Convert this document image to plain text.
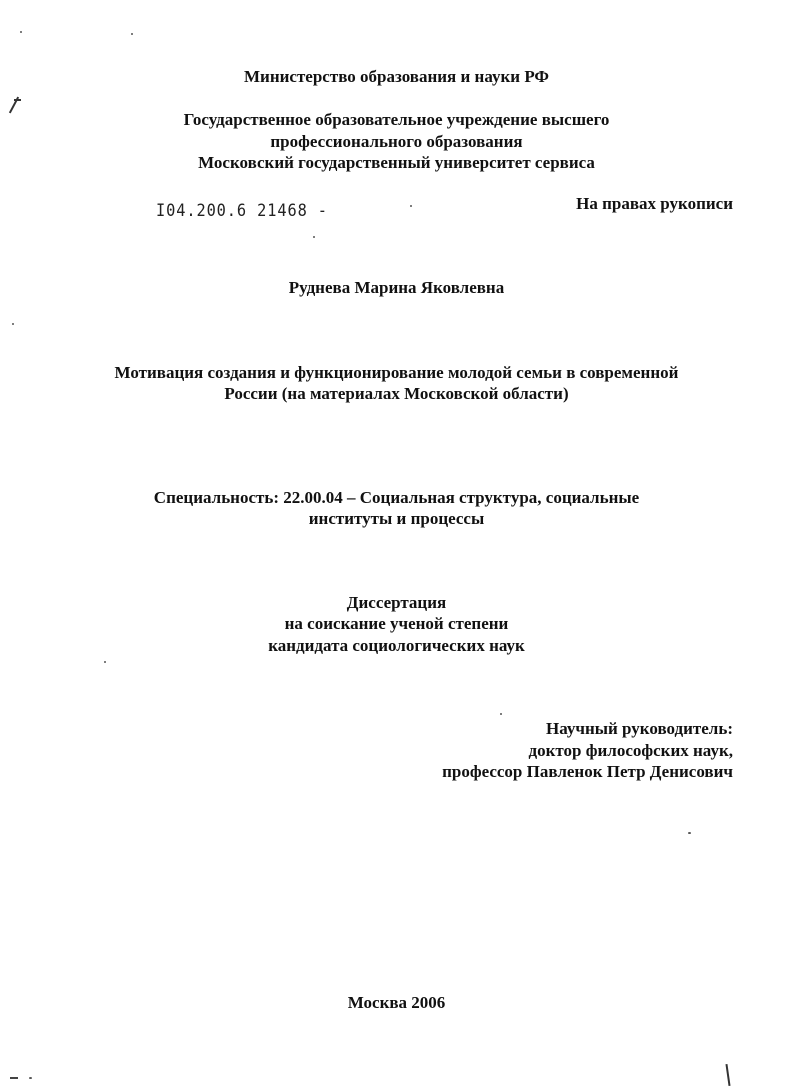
Министерство образования и науки РФ
Государственное образовательное учреждение высшего
профессионального образования
Московский государственный университет сервиса
I04.200.6 21468 -	На правах рукописи
Руднева Марина Яковлевна
Мотивация создания и функционирование молодой семьи в современной
России (на материалах Московской области)
Специальность: 22.00.04 – Социальная структура, социальные
институты и процессы
Диссертация
на соискание ученой степени
кандидата социологических наук
Научный руководитель:
доктор философских наук,
профессор Павленок Петр Денисович
Москва 2006
